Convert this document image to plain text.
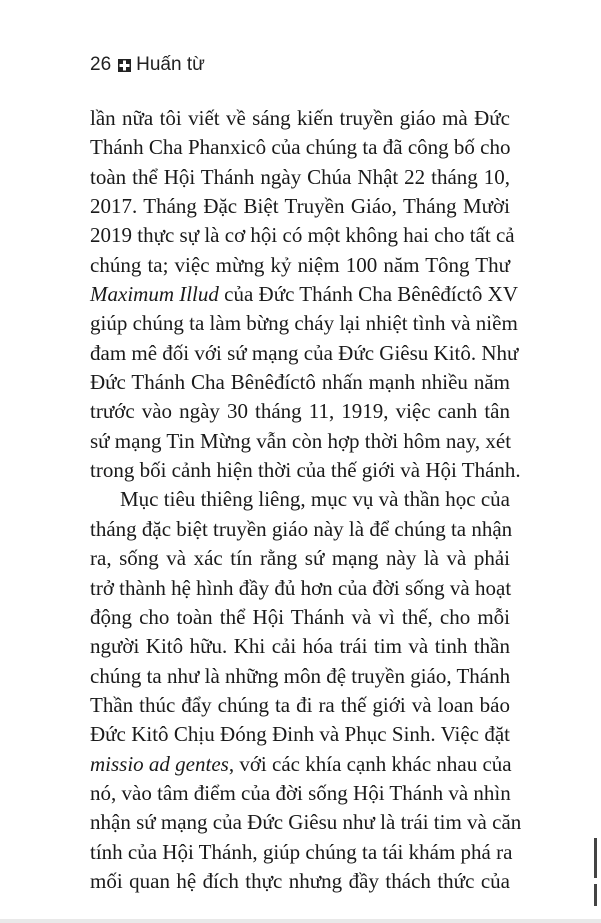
26 Huấn từ
lần nữa tôi viết về sáng kiến truyền giáo mà Đức
Thánh Cha Phanxicô của chúng ta đã công bố cho
toàn thể Hội Thánh ngày Chúa Nhật 22 tháng 10,
2017. Tháng Đặc Biệt Truyền Giáo, Tháng Mười
2019 thực sự là cơ hội có một không hai cho tất cả
chúng ta; việc mừng kỷ niệm 100 năm Tông Thư
Maximum Illud của Đức Thánh Cha Bênêđíctô XV
giúp chúng ta làm bừng cháy lại nhiệt tình và niềm
đam mê đối với sứ mạng của Đức Giêsu Kitô. Như
Đức Thánh Cha Bênêđíctô nhấn mạnh nhiều năm
trước vào ngày 30 tháng 11, 1919, việc canh tân
sứ mạng Tin Mừng vẫn còn hợp thời hôm nay, xét
trong bối cảnh hiện thời của thế giới và Hội Thánh.
Mục tiêu thiêng liêng, mục vụ và thần học của
tháng đặc biệt truyền giáo này là để chúng ta nhận
ra, sống và xác tín rằng sứ mạng này là và phải
trở thành hệ hình đầy đủ hơn của đời sống và hoạt
động cho toàn thể Hội Thánh và vì thế, cho mỗi
người Kitô hữu. Khi cải hóa trái tim và tinh thần
chúng ta như là những môn đệ truyền giáo, Thánh
Thần thúc đẩy chúng ta đi ra thế giới và loan báo
Đức Kitô Chịu Đóng Đinh và Phục Sinh. Việc đặt
missio ad gentes, với các khía cạnh khác nhau của
nó, vào tâm điểm của đời sống Hội Thánh và nhìn
nhận sứ mạng của Đức Giêsu như là trái tim và căn
tính của Hội Thánh, giúp chúng ta tái khám phá ra
mối quan hệ đích thực nhưng đầy thách thức của
